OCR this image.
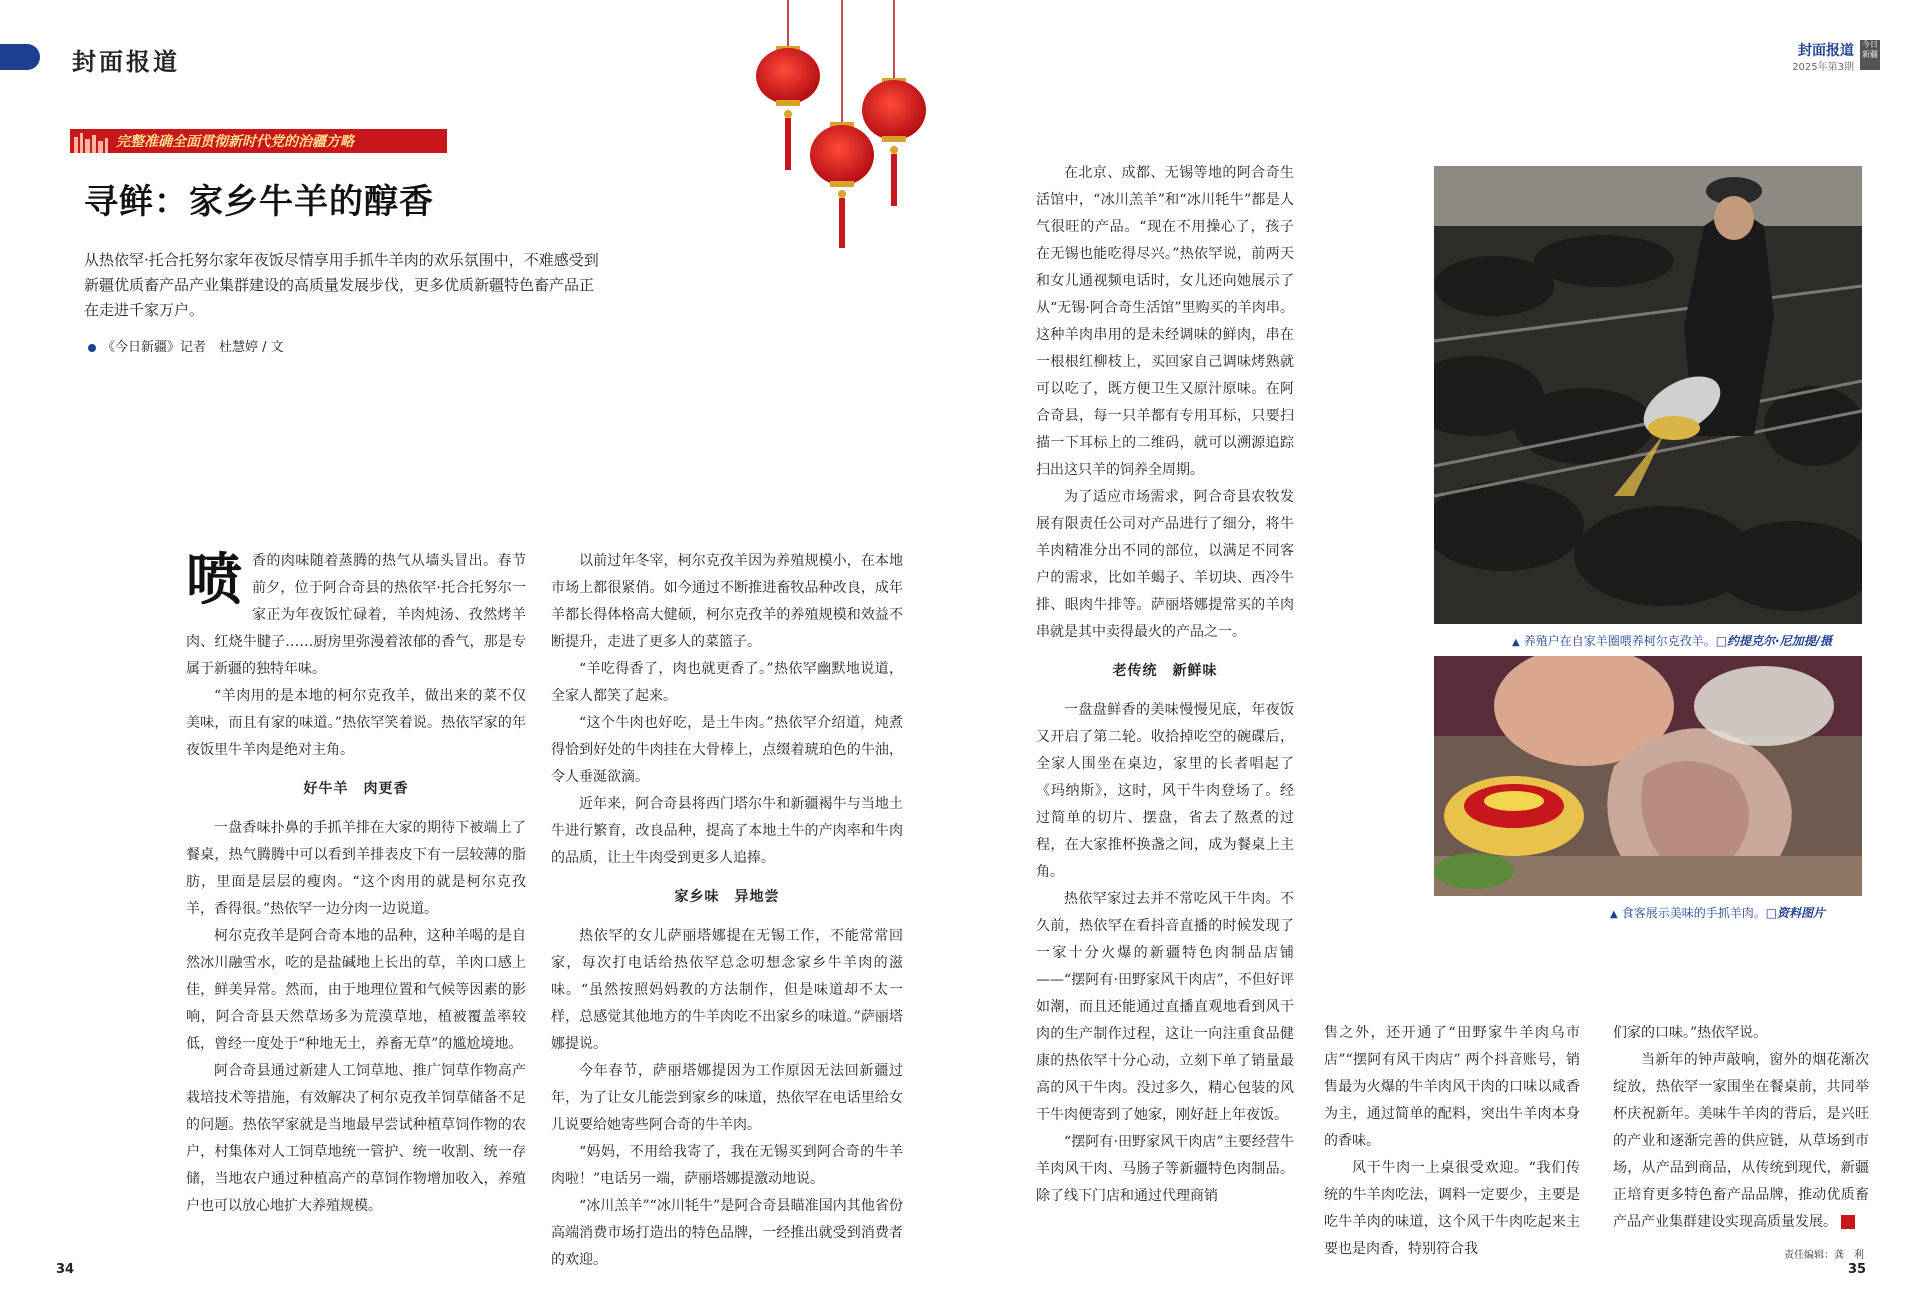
封面报道	封面报道
2025年第3期
今日新疆
完整准确全面贯彻新时代党的治疆方略
寻鲜：家乡牛羊的醇香
从热依罕·托合托努尔家年夜饭尽情享用手抓牛羊肉的欢乐氛围中，不难感受到新疆优质畜产品产业集群建设的高质量发展步伐，更多优质新疆特色畜产品正在走进千家万户。
《今日新疆》记者　杜慧婷 / 文
喷 香的肉味随着蒸腾的热气从墙头冒出。春节前夕，位于阿合奇县的热依罕·托合托努尔一家正为年夜饭忙碌着，羊肉炖汤、孜然烤羊肉、红烧牛腱子……厨房里弥漫着浓郁的香气，那是专属于新疆的独特年味。

“羊肉用的是本地的柯尔克孜羊，做出来的菜不仅美味，而且有家的味道。”热依罕笑着说。热依罕家的年夜饭里牛羊肉是绝对主角。

好牛羊　肉更香

一盘香味扑鼻的手抓羊排在大家的期待下被端上了餐桌，热气腾腾中可以看到羊排表皮下有一层较薄的脂肪，里面是层层的瘦肉。“这个肉用的就是柯尔克孜羊，香得很。”热依罕一边分肉一边说道。

柯尔克孜羊是阿合奇本地的品种，这种羊喝的是自然冰川融雪水，吃的是盐碱地上长出的草，羊肉口感上佳，鲜美异常。然而，由于地理位置和气候等因素的影响，阿合奇县天然草场多为荒漠草地，植被覆盖率较低，曾经一度处于“种地无土，养畜无草”的尴尬境地。

阿合奇县通过新建人工饲草地、推广饲草作物高产栽培技术等措施，有效解决了柯尔克孜羊饲草储备不足的问题。热依罕家就是当地最早尝试种植草饲作物的农户，村集体对人工饲草地统一管护、统一收割、统一存储，当地农户通过种植高产的草饲作物增加收入，养殖户也可以放心地扩大养殖规模。

以前过年冬宰，柯尔克孜羊因为养殖规模小，在本地市场上都很紧俏。如今通过不断推进畜牧品种改良，成年羊都长得体格高大健硕，柯尔克孜羊的养殖规模和效益不断提升，走进了更多人的菜篮子。

“羊吃得香了，肉也就更香了。”热依罕幽默地说道，全家人都笑了起来。

“这个牛肉也好吃，是土牛肉。”热依罕介绍道，炖煮得恰到好处的牛肉挂在大骨棒上，点缀着琥珀色的牛油，令人垂涎欲滴。

近年来，阿合奇县将西门塔尔牛和新疆褐牛与当地土牛进行繁育，改良品种，提高了本地土牛的产肉率和牛肉的品质，让土牛肉受到更多人追捧。

家乡味　异地尝

热依罕的女儿萨丽塔娜提在无锡工作，不能常常回家，每次打电话给热依罕总念叨想念家乡牛羊肉的滋味。“虽然按照妈妈教的方法制作，但是味道却不太一样，总感觉其他地方的牛羊肉吃不出家乡的味道。”萨丽塔娜提说。

今年春节，萨丽塔娜提因为工作原因无法回新疆过年，为了让女儿能尝到家乡的味道，热依罕在电话里给女儿说要给她寄些阿合奇的牛羊肉。

“妈妈，不用给我寄了，我在无锡买到阿合奇的牛羊肉啦！”电话另一端，萨丽塔娜提激动地说。

“冰川羔羊”“冰川牦牛”是阿合奇县瞄准国内其他省份高端消费市场打造出的特色品牌，一经推出就受到消费者的欢迎。

在北京、成都、无锡等地的阿合奇生活馆中，“冰川羔羊”和“冰川牦牛”都是人气很旺的产品。“现在不用操心了，孩子在无锡也能吃得尽兴。”热依罕说，前两天和女儿通视频电话时，女儿还向她展示了从“无锡·阿合奇生活馆”里购买的羊肉串。这种羊肉串用的是未经调味的鲜肉，串在一根根红柳枝上，买回家自己调味烤熟就可以吃了，既方便卫生又原汁原味。在阿合奇县，每一只羊都有专用耳标，只要扫描一下耳标上的二维码，就可以溯源追踪扫出这只羊的饲养全周期。

为了适应市场需求，阿合奇县农牧发展有限责任公司对产品进行了细分，将牛羊肉精准分出不同的部位，以满足不同客户的需求，比如羊蝎子、羊切块、西冷牛排、眼肉牛排等。萨丽塔娜提常买的羊肉串就是其中卖得最火的产品之一。

老传统　新鲜味

一盘盘鲜香的美味慢慢见底，年夜饭又开启了第二轮。收拾掉吃空的碗碟后，全家人围坐在桌边，家里的长者唱起了《玛纳斯》，这时，风干牛肉登场了。经过简单的切片、摆盘，省去了熬煮的过程，在大家推杯换盏之间，成为餐桌上主角。

热依罕家过去并不常吃风干牛肉。不久前，热依罕在看抖音直播的时候发现了一家十分火爆的新疆特色肉制品店铺——“摆阿有·田野家风干肉店”，不但好评如潮，而且还能通过直播直观地看到风干肉的生产制作过程，这让一向注重食品健康的热依罕十分心动，立刻下单了销量最高的风干牛肉。没过多久，精心包装的风干牛肉便寄到了她家，刚好赶上年夜饭。

“摆阿有·田野家风干肉店”主要经营牛羊肉风干肉、马肠子等新疆特色肉制品。除了线下门店和通过代理商销

售之外，还开通了“田野家牛羊肉乌市店”“摆阿有风干肉店” 两个抖音账号，销售最为火爆的牛羊肉风干肉的口味以咸香为主，通过简单的配料，突出牛羊肉本身的香味。

风干牛肉一上桌很受欢迎。“我们传统的牛羊肉吃法，调料一定要少，主要是吃牛羊肉的味道，这个风干牛肉吃起来主要也是肉香，特别符合我

们家的口味。”热依罕说。

当新年的钟声敲响，窗外的烟花渐次绽放，热依罕一家围坐在餐桌前，共同举杯庆祝新年。美味牛羊肉的背后，是兴旺的产业和逐渐完善的供应链，从草场到市场，从产品到商品，从传统到现代，新疆正培育更多特色畜产品品牌，推动优质畜产品产业集群建设实现高质量发展。	J

▲ 养殖户在自家羊圈喂养柯尔克孜羊。□约提克尔·尼加提/摄
▲ 食客展示美味的手抓羊肉。□资料图片
34
责任编辑：龚　利
35
